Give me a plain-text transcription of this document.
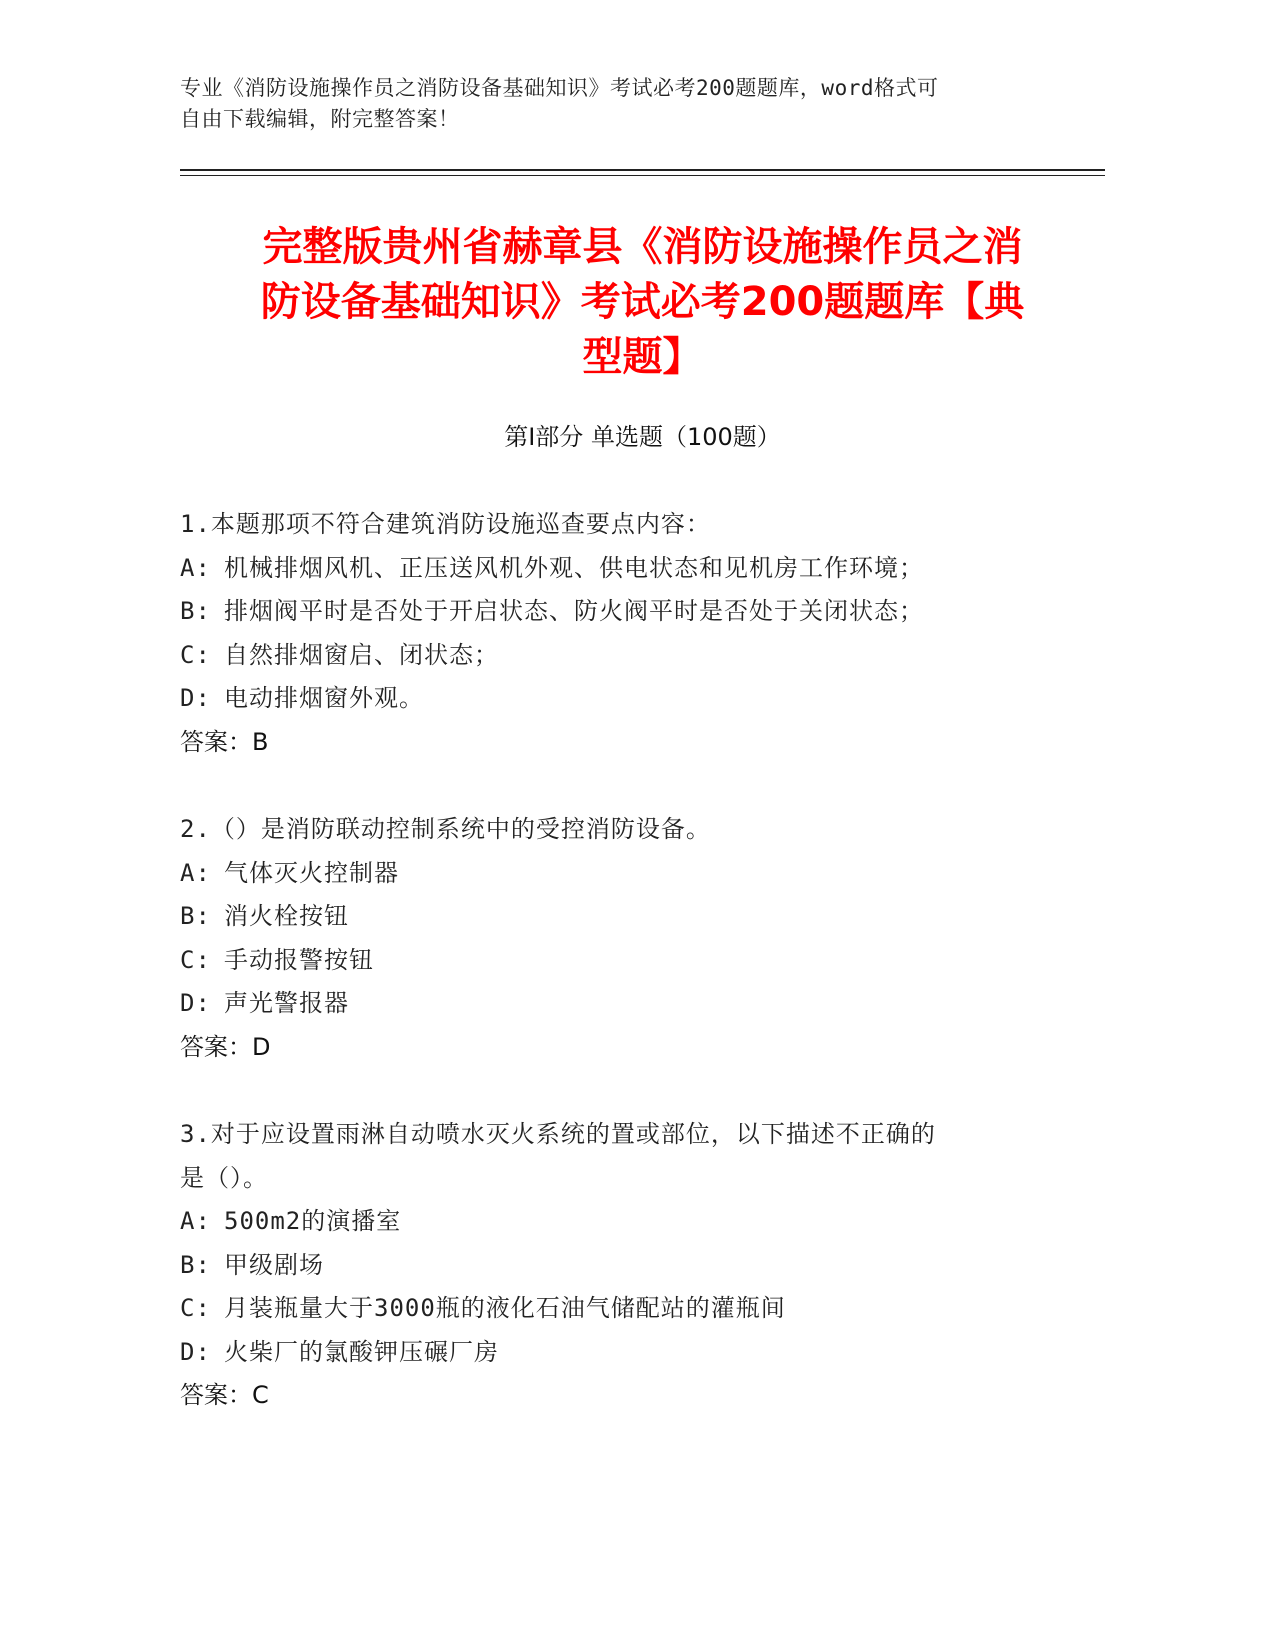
专业《消防设施操作员之消防设备基础知识》考试必考200题题库，word格式可
自由下载编辑，附完整答案！
完整版贵州省赫章县《消防设施操作员之消
防设备基础知识》考试必考200题题库【典
型题】
第I部分 单选题（100题）
1.本题那项不符合建筑消防设施巡查要点内容：
A: 机械排烟风机、正压送风机外观、供电状态和见机房工作环境；
B: 排烟阀平时是否处于开启状态、防火阀平时是否处于关闭状态；
C: 自然排烟窗启、闭状态；
D: 电动排烟窗外观。
答案：B
2.（）是消防联动控制系统中的受控消防设备。
A: 气体灭火控制器
B: 消火栓按钮
C: 手动报警按钮
D: 声光警报器
答案：D
3.对于应设置雨淋自动喷水灭火系统的置或部位，以下描述不正确的
是（）。
A: 500m2的演播室
B: 甲级剧场
C: 月装瓶量大于3000瓶的液化石油气储配站的灌瓶间
D: 火柴厂的氯酸钾压碾厂房
答案：C
